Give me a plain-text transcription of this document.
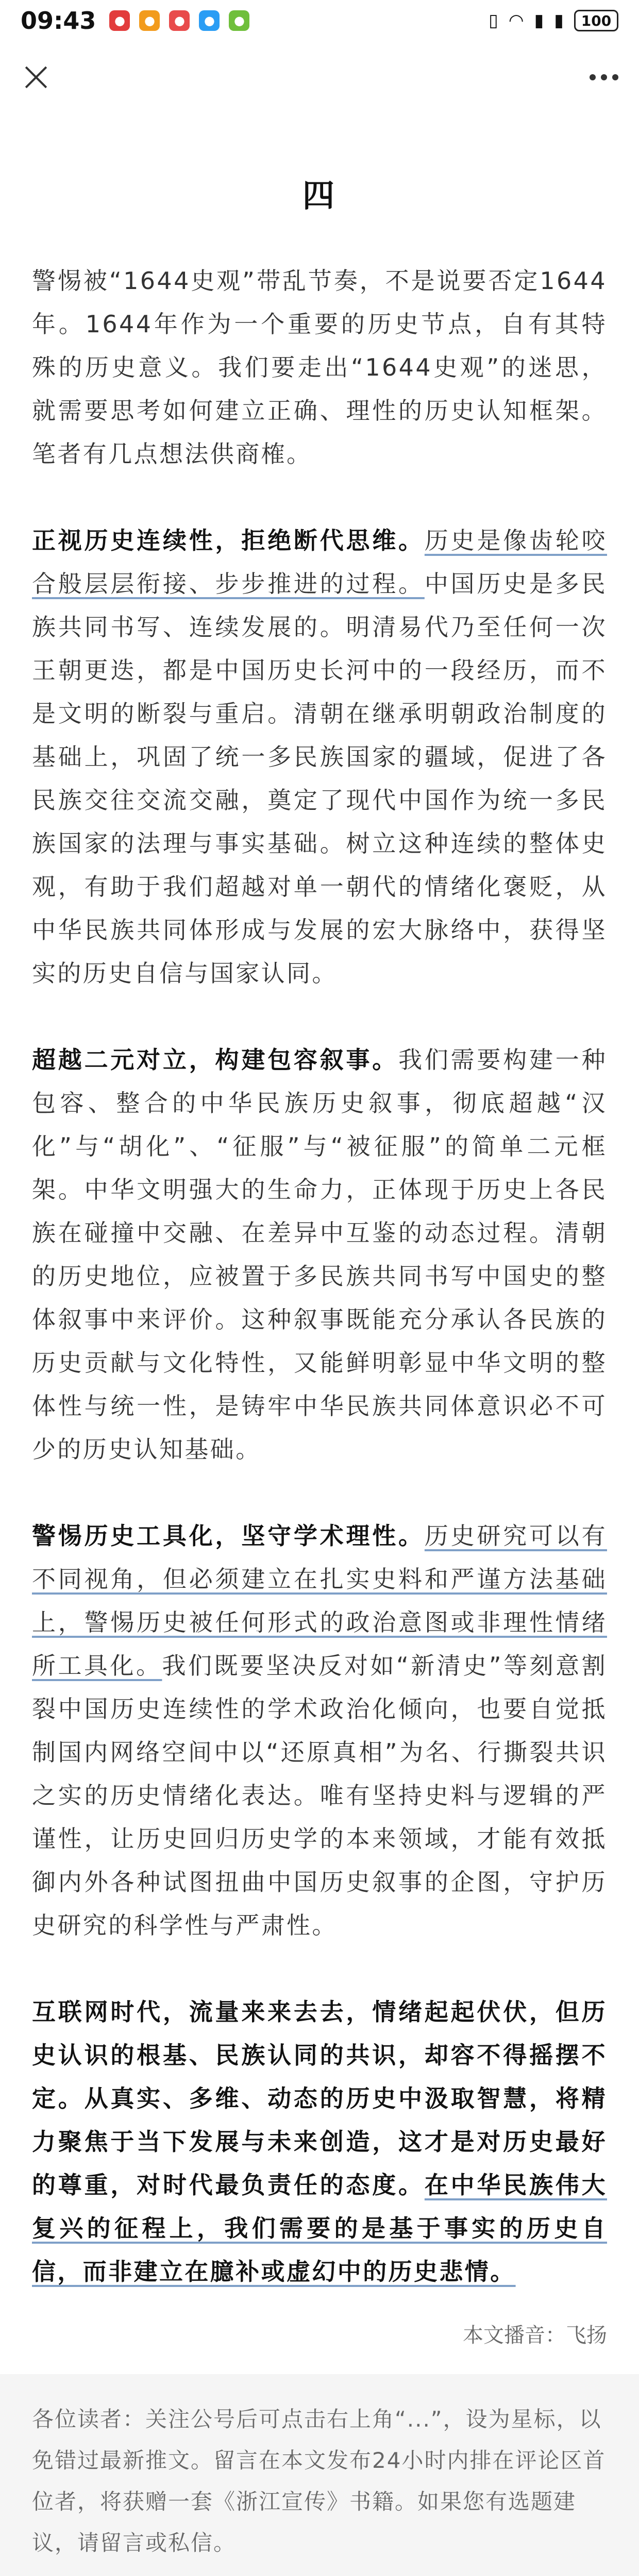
09:43	●	●	●	●	●	▯ ◠ ▮ ▮	100
四

警惕被“1644史观”带乱节奏，不是说要否定1644年。1644年作为一个重要的历史节点，自有其特殊的历史意义。我们要走出“1644史观”的迷思，就需要思考如何建立正确、理性的历史认知框架。笔者有几点想法供商榷。

正视历史连续性，拒绝断代思维。历史是像齿轮咬合般层层衔接、步步推进的过程。中国历史是多民族共同书写、连续发展的。明清易代乃至任何一次王朝更迭，都是中国历史长河中的一段经历，而不是文明的断裂与重启。清朝在继承明朝政治制度的基础上，巩固了统一多民族国家的疆域，促进了各民族交往交流交融，奠定了现代中国作为统一多民族国家的法理与事实基础。树立这种连续的整体史观，有助于我们超越对单一朝代的情绪化褒贬，从中华民族共同体形成与发展的宏大脉络中，获得坚实的历史自信与国家认同。

超越二元对立，构建包容叙事。我们需要构建一种包容、整合的中华民族历史叙事，彻底超越“汉化”与“胡化”、“征服”与“被征服”的简单二元框架。中华文明强大的生命力，正体现于历史上各民族在碰撞中交融、在差异中互鉴的动态过程。清朝的历史地位，应被置于多民族共同书写中国史的整体叙事中来评价。这种叙事既能充分承认各民族的历史贡献与文化特性，又能鲜明彰显中华文明的整体性与统一性，是铸牢中华民族共同体意识必不可少的历史认知基础。

警惕历史工具化，坚守学术理性。历史研究可以有不同视角，但必须建立在扎实史料和严谨方法基础上，警惕历史被任何形式的政治意图或非理性情绪所工具化。我们既要坚决反对如“新清史”等刻意割裂中国历史连续性的学术政治化倾向，也要自觉抵制国内网络空间中以“还原真相”为名、行撕裂共识之实的历史情绪化表达。唯有坚持史料与逻辑的严谨性，让历史回归历史学的本来领域，才能有效抵御内外各种试图扭曲中国历史叙事的企图，守护历史研究的科学性与严肃性。

互联网时代，流量来来去去，情绪起起伏伏，但历史认识的根基、民族认同的共识，却容不得摇摆不定。从真实、多维、动态的历史中汲取智慧，将精力聚焦于当下发展与未来创造，这才是对历史最好的尊重，对时代最负责任的态度。在中华民族伟大复兴的征程上，我们需要的是基于事实的历史自信，而非建立在臆补或虚幻中的历史悲情。

本文播音：飞扬
各位读者：关注公号后可点击右上角“...”，设为星标，以免错过最新推文。留言在本文发布24小时内排在评论区首位者，将获赠一套《浙江宣传》书籍。如果您有选题建议，请留言或私信。
